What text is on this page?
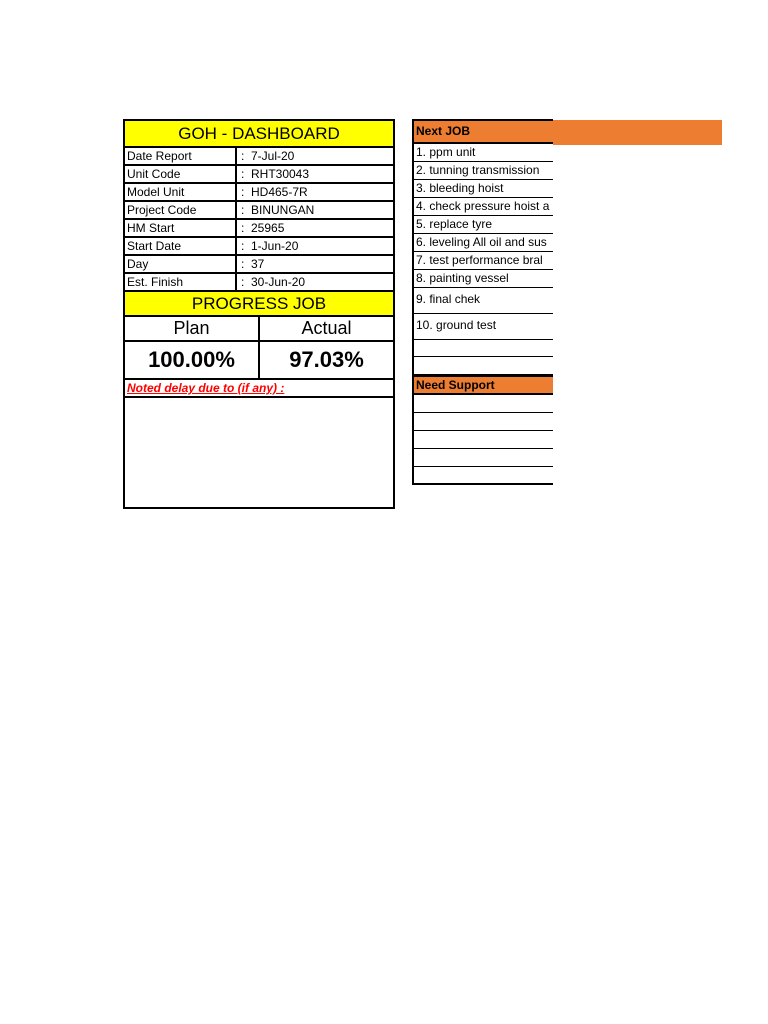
GOH - DASHBOARD
Date Report	:  7-Jul-20
Unit Code	:  RHT30043
Model Unit	:  HD465-7R
Project Code	:  BINUNGAN
HM Start	:  25965
Start Date	:  1-Jun-20
Day	:  37
Est. Finish	:  30-Jun-20
PROGRESS JOB
Plan	Actual
100.00%	97.03%
Noted delay due to (if any) :
Next JOB
1. ppm unit
2. tunning transmission
3. bleeding hoist
4. check pressure hoist a
5. replace tyre
6. leveling All oil and sus
7. test performance bral
8. painting vessel
9. final chek
10. ground test
Need Support
